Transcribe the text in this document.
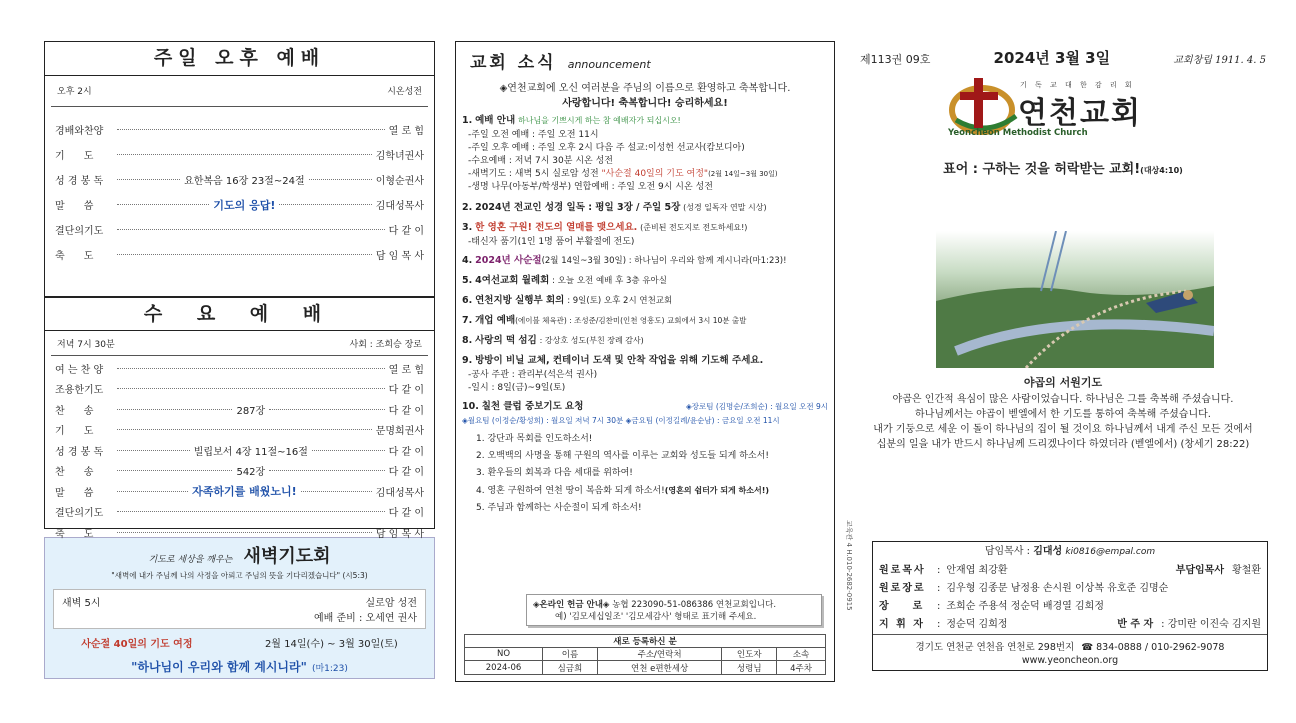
주일 오후 예배
오후 2시	시온성전
경배와찬양	열 로 힘
기      도	김학녀권사
성 경 봉 독	요한복음 16장 23절~24절	이형순권사
말      씀	기도의 응답!	김대성목사
결단의기도	다 같 이
축      도	담 임 목 사
수 요 예 배
저녁 7시 30분	사회 : 조희승 장로
여 는 찬 양	열 로 힘
조용한기도	다 같 이
찬      송	287장	다 같 이
기      도	문명희권사
성 경 봉 독	빌립보서 4장 11절~16절	다 같 이
찬      송	542장	다 같 이
말      씀	자족하기를 배웠노니!	김대성목사
결단의기도	다 같 이
축      도	담 임 목 사
기도로 세상을 깨우는 새벽기도회
"새벽에 내가 주님께 나의 사정을 아뢰고 주님의 뜻을 기다리겠습니다" (시5:3)
새벽 5시	실로암 성전
예배 준비 : 오세연 권사
사순절 40일의 기도 여정	2월 14일(수) ~ 3월 30일(토)
"하나님이 우리와 함께 계시니라" (마1:23)
교회 소식 announcement
◈연천교회에 오신 여러분을 주님의 이름으로 환영하고 축복합니다.
사랑합니다! 축복합니다! 승리하세요!
1. 예배 안내 하나님을 기쁘시게 하는 참 예배자가 되십시오!
-주일 오전 예배 : 주일 오전 11시
-주일 오후 예배 : 주일 오후 2시 다음 주 설교:이성헌 선교사(캄보디아)
-수요예배 : 저녁 7시 30분 시온 성전
-새벽기도 : 새벽 5시 실로암 성전 "사순절 40일의 기도 여정"(2월 14일~3월 30일)
-생명 나무(아동부/학생부) 연합예배 : 주일 오전 9시 시온 성전
2. 2024년 전교인 성경 일독 : 평일 3장 / 주일 5장 (성경 일독자 연말 시상)
3. 한 영혼 구원! 전도의 열매를 맺으세요. (준비된 전도지로 전도하세요!)
-태신자 품기(1인 1명 품어 부활절에 전도)
4. 2024년 사순절(2월 14일~3월 30일) : 하나님이 우리와 함께 계시니라(마1:23)!
5. 4여선교회 월례회 : 오늘 오전 예배 후 3층 유아실
6. 연천지방 실행부 회의 : 9일(토) 오후 2시 연천교회
7. 개업 예배(에이블 체육관) : 조성준/김찬미(인천 영흥도) 교회에서 3시 10분 출발
8. 사랑의 떡 섬김 : 강상호 성도(부친 장례 감사)
9. 방방이 비닐 교체, 컨테이너 도색 및 안착 작업을 위해 기도해 주세요.
-공사 주관 : 관리부(석은석 권사)
-일시 : 8일(금)~9일(토)
10. 칠천 클럽 중보기도 요청	◈장로팀 (김명순/조희순) : 월요일 오전 9시
◈월요팀 (이정순/황성희) : 월요일 저녁 7시 30분 ◈금요팀 (이정길례/윤순남) : 금요일 오전 11시
1. 강단과 목회를 인도하소서!
2. 오백백의 사명을 통해 구원의 역사를 이루는 교회와 성도들 되게 하소서!
3. 환우들의 회복과 다음 세대를 위하여!
4. 영혼 구원하여 연천 땅이 복음화 되게 하소서!(영혼의 쉼터가 되게 하소서!)
5. 주님과 함께하는 사순절이 되게 하소서!
◈온라인 헌금 안내◈ 농협 223090-51-086386 연천교회입니다.
예) '김모세십일조' '김모세감사' 형태로 표기해 주세요.
새로 등록하신 분				
NO	이름	주소/연락처	인도자	소속
2024-06	심금희	연천 e편한세상	성령님	4주차
교육관 4 H.010-2682-0915
제113권 09호	2024년 3월 3일	교회창립 1911. 4. 5
기 독 교 대 한 감 리 회
연천교회
Yeoncheon Methodist Church
표어 : 구하는 것을 허락받는 교회!(대상4:10)
야곱의 서원기도
야곱은 인간적 욕심이 많은 사람이었습니다. 하나님은 그를 축복해 주셨습니다.
하나님께서는 야곱이 벧엘에서 한 기도를 통하여 축복해 주셨습니다.
내가 기둥으로 세운 이 돌이 하나님의 집이 될 것이요 하나님께서 내게 주신 모든 것에서
십분의 일을 내가 반드시 하나님께 드리겠나이다 하였더라 (벧엘에서) (창세기 28:22)
담임목사 : 김대성 ki0816@empal.com
원로목사	: 안재엽 최강환	부담임목사 황철환
원로장로	: 김우형 김종문 남정용 손시원 이상복 유호준 김명순
장    로	: 조희순 주용석 정순덕 배경열 김희정
지 휘 자	: 정순덕 김희정	반 주 자 : 강미란 이진숙 김지원
경기도 연천군 연천읍 연천로 298번지 ☎ 834-0888 / 010-2962-9078
www.yeoncheon.org
